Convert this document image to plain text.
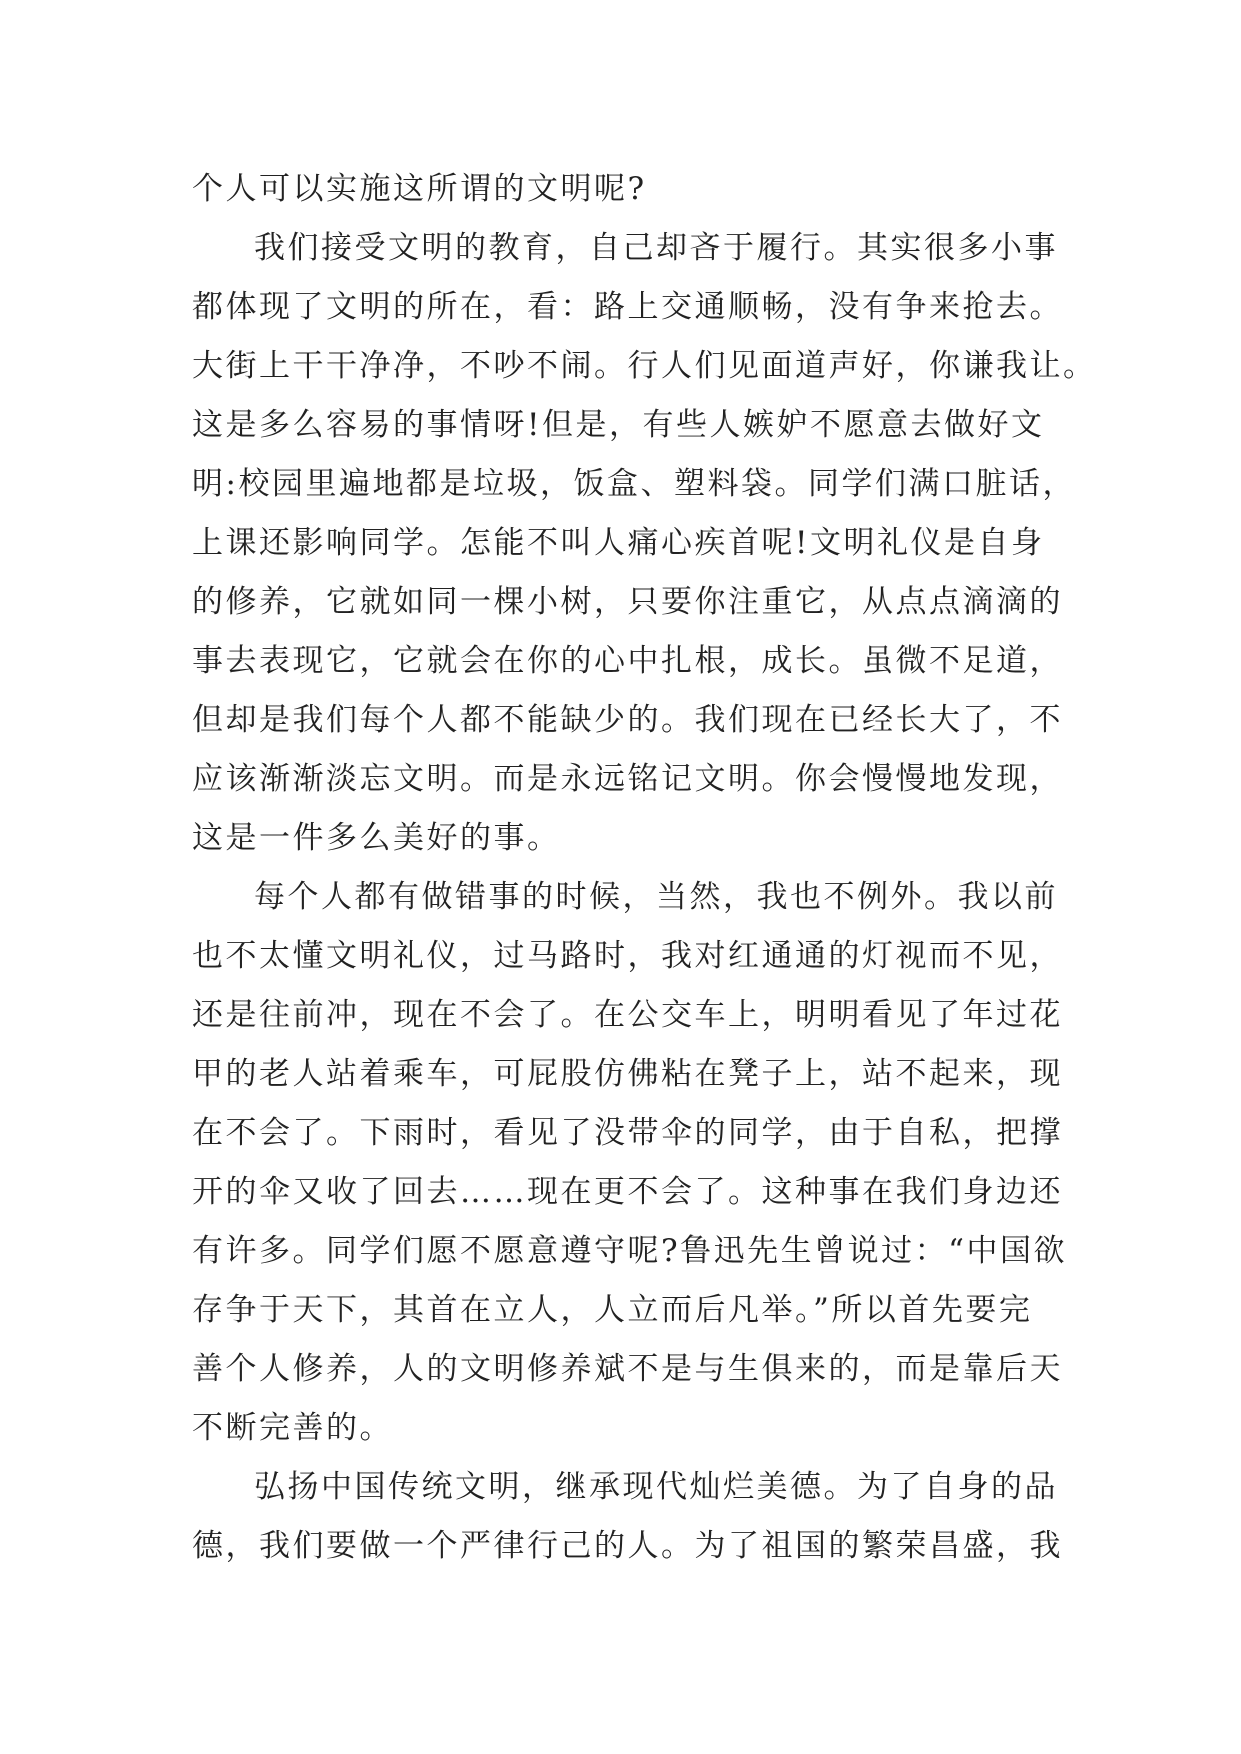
个人可以实施这所谓的文明呢?
我们接受文明的教育，自己却吝于履行。其实很多小事
都体现了文明的所在，看：路上交通顺畅，没有争来抢去。
大街上干干净净，不吵不闹。行人们见面道声好，你谦我让。
这是多么容易的事情呀!但是，有些人嫉妒不愿意去做好文
明:校园里遍地都是垃圾，饭盒、塑料袋。同学们满口脏话，
上课还影响同学。怎能不叫人痛心疾首呢!文明礼仪是自身
的修养，它就如同一棵小树，只要你注重它，从点点滴滴的
事去表现它，它就会在你的心中扎根，成长。虽微不足道，
但却是我们每个人都不能缺少的。我们现在已经长大了，不
应该渐渐淡忘文明。而是永远铭记文明。你会慢慢地发现，
这是一件多么美好的事。
每个人都有做错事的时候，当然，我也不例外。我以前
也不太懂文明礼仪，过马路时，我对红通通的灯视而不见，
还是往前冲，现在不会了。在公交车上，明明看见了年过花
甲的老人站着乘车，可屁股仿佛粘在凳子上，站不起来，现
在不会了。下雨时，看见了没带伞的同学，由于自私，把撑
开的伞又收了回去……现在更不会了。这种事在我们身边还
有许多。同学们愿不愿意遵守呢?鲁迅先生曾说过：“中国欲
存争于天下，其首在立人，人立而后凡举。”所以首先要完
善个人修养，人的文明修养斌不是与生俱来的，而是靠后天
不断完善的。
弘扬中国传统文明，继承现代灿烂美德。为了自身的品
德，我们要做一个严律行己的人。为了祖国的繁荣昌盛，我
